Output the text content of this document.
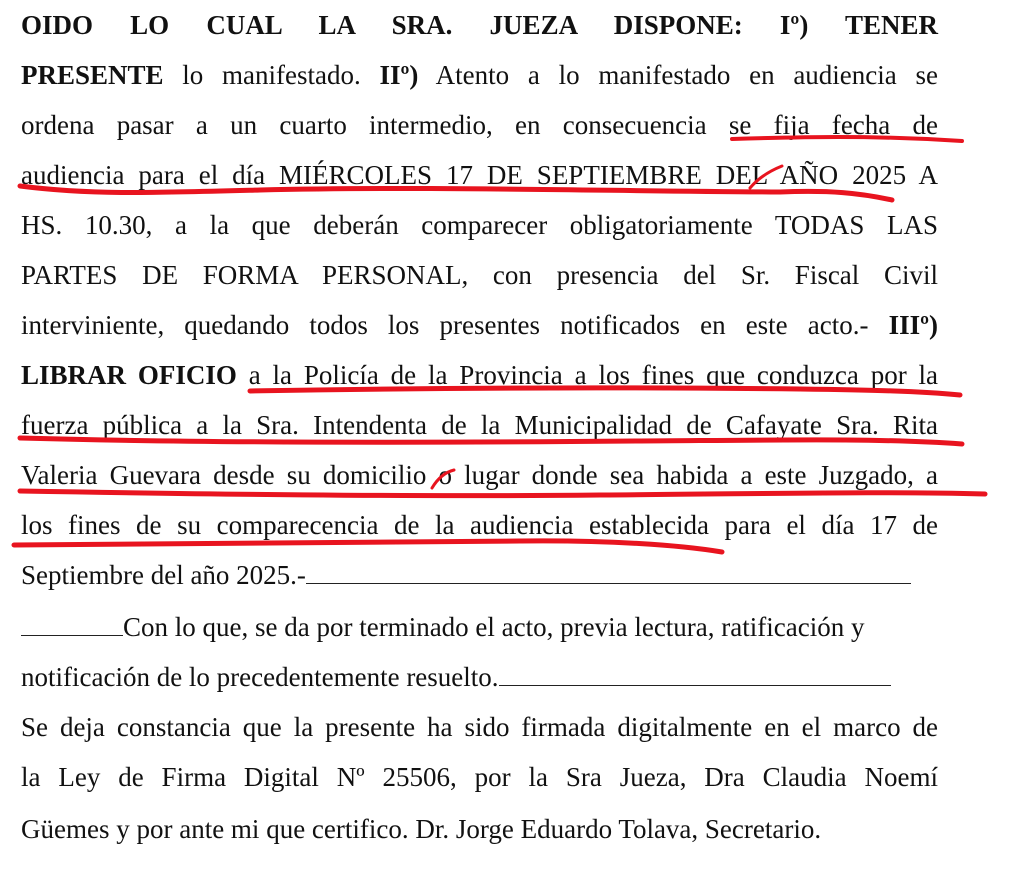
OIDO LO CUAL LA SRA. JUEZA DISPONE: Iº) TENER
PRESENTE lo manifestado. IIº) Atento a lo manifestado en audiencia se
ordena pasar a un cuarto intermedio, en consecuencia se fija fecha de
audiencia para el día MIÉRCOLES 17 DE SEPTIEMBRE DEL AÑO 2025 A
HS. 10.30, a la que deberán comparecer obligatoriamente TODAS LAS
PARTES DE FORMA PERSONAL, con presencia del Sr. Fiscal Civil
interviniente, quedando todos los presentes notificados en este acto.- IIIº)
LIBRAR OFICIO a la Policía de la Provincia a los fines que conduzca por la
fuerza pública a la Sra. Intendenta de la Municipalidad de Cafayate Sra. Rita
Valeria Guevara desde su domicilio o lugar donde sea habida a este Juzgado, a
los fines de su comparecencia de la audiencia establecida para el día 17 de
Septiembre del año 2025.-
Con lo que, se da por terminado el acto, previa lectura, ratificación y
notificación de lo precedentemente resuelto.
Se deja constancia que la presente ha sido firmada digitalmente en el marco de
la Ley de Firma Digital Nº 25506, por la Sra Jueza, Dra Claudia Noemí
Güemes y por ante mi que certifico. Dr. Jorge Eduardo Tolava, Secretario.
